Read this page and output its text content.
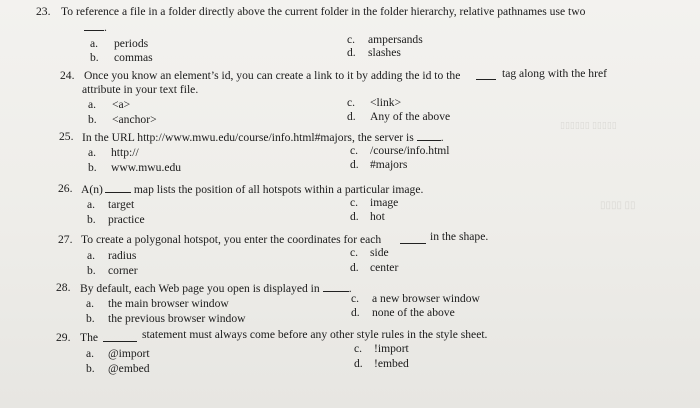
▯▯▯▯▯▯ ▯▯▯▯▯
▯▯▯▯ ▯▯
23. To reference a file in a folder directly above the current folder in the folder hierarchy, relative pathnames use two
.
a. periods
b. commas
c. ampersands
d. slashes
24. Once you know an element’s id, you can create a link to it by adding the id to the	tag along with the href
attribute in your text file.
a. <a>
b. <anchor>
c. <link>
d. Any of the above
25. In the URL http://www.mwu.edu/course/info.html#majors, the server is .
a. http://
b. www.mwu.edu
c. /course/info.html
d. #majors
26. A(n)	map lists the position of all hotspots within a particular image.
a. target
b. practice
c. image
d. hot
27. To create a polygonal hotspot, you enter the coordinates for each	in the shape.
a. radius
b. corner
c. side
d. center
28. By default, each Web page you open is displayed in	.
a. the main browser window
b. the previous browser window
c. a new browser window
d. none of the above
29. The	statement must always come before any other style rules in the style sheet.
a. @import
b. @embed
c. !import
d. !embed
